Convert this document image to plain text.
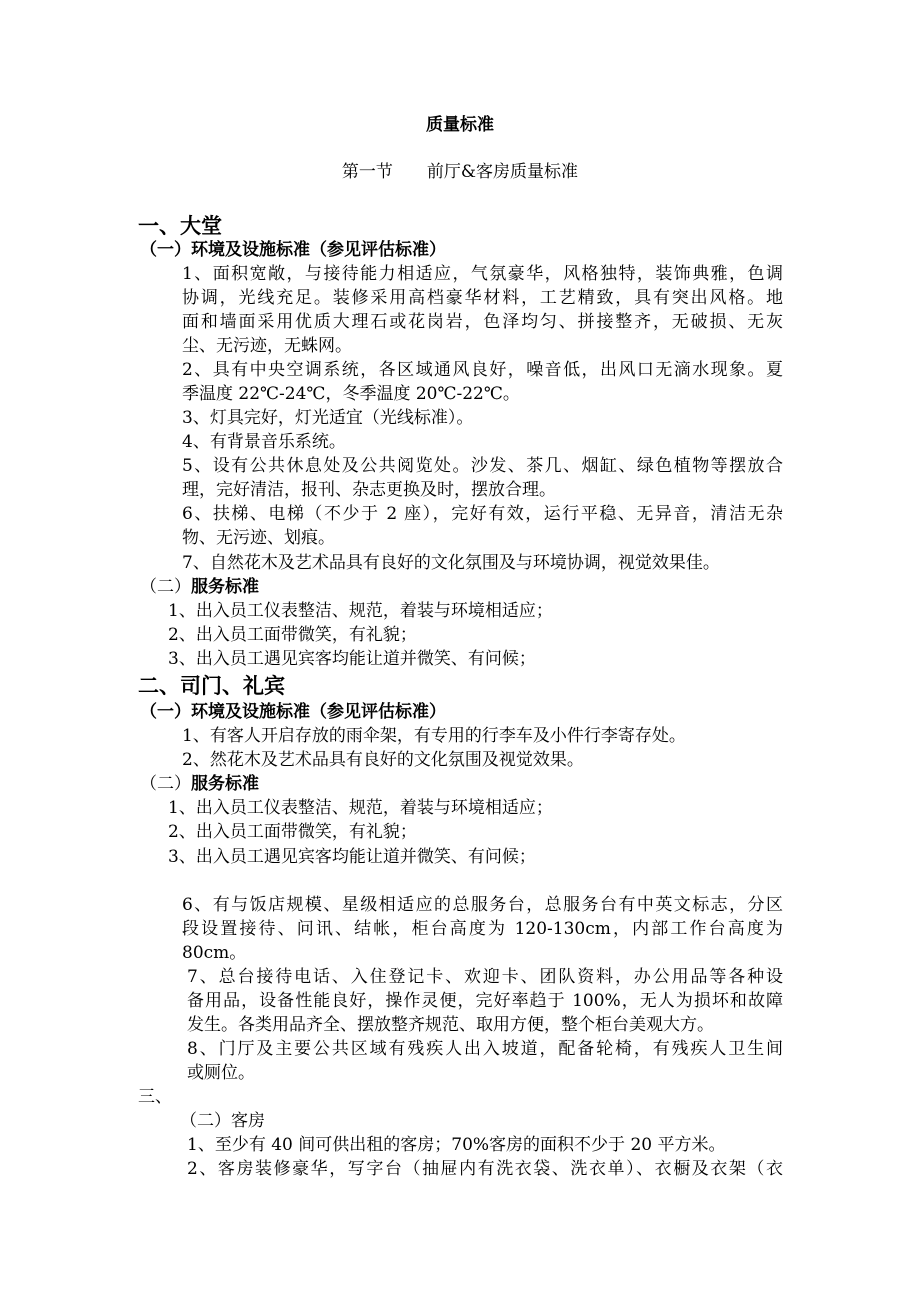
质量标准
第一节　　前厅&客房质量标准
一、大堂
（一）环境及设施标准（参见评估标准）
1、面积宽敞，与接待能力相适应，气氛豪华，风格独特，装饰典雅，色调
协调，光线充足。装修采用高档豪华材料，工艺精致，具有突出风格。地
面和墙面采用优质大理石或花岗岩，色泽均匀、拼接整齐，无破损、无灰
尘、无污迹，无蛛网。
2、具有中央空调系统，各区域通风良好，噪音低，出风口无滴水现象。夏
季温度 22℃-24℃，冬季温度 20℃-22℃。
3、灯具完好，灯光适宜（光线标准）。
4、有背景音乐系统。
5、设有公共休息处及公共阅览处。沙发、茶几、烟缸、绿色植物等摆放合
理，完好清洁，报刊、杂志更换及时，摆放合理。
6、扶梯、电梯（不少于 2 座），完好有效，运行平稳、无异音，清洁无杂
物、无污迹、划痕。
7、自然花木及艺术品具有良好的文化氛围及与环境协调，视觉效果佳。
（二）服务标准
1、出入员工仪表整洁、规范，着装与环境相适应；
2、出入员工面带微笑，有礼貌；
3、出入员工遇见宾客均能让道并微笑、有问候；
二、司门、礼宾
（一）环境及设施标准（参见评估标准）
1、有客人开启存放的雨伞架，有专用的行李车及小件行李寄存处。
2、然花木及艺术品具有良好的文化氛围及视觉效果。
（二）服务标准
1、出入员工仪表整洁、规范，着装与环境相适应；
2、出入员工面带微笑，有礼貌；
3、出入员工遇见宾客均能让道并微笑、有问候；
6、有与饭店规模、星级相适应的总服务台，总服务台有中英文标志，分区
段设置接待、问讯、结帐，柜台高度为 120-130cm，内部工作台高度为
80cm。
7、总台接待电话、入住登记卡、欢迎卡、团队资料，办公用品等各种设
备用品，设备性能良好，操作灵便，完好率趋于 100%，无人为损坏和故障
发生。各类用品齐全、摆放整齐规范、取用方便，整个柜台美观大方。
8、门厅及主要公共区域有残疾人出入坡道，配备轮椅，有残疾人卫生间
或厕位。
三、
（二）客房
1、至少有 40 间可供出租的客房；70%客房的面积不少于 20 平方米。
2、客房装修豪华，写字台（抽屉内有洗衣袋、洗衣单）、衣橱及衣架（衣
